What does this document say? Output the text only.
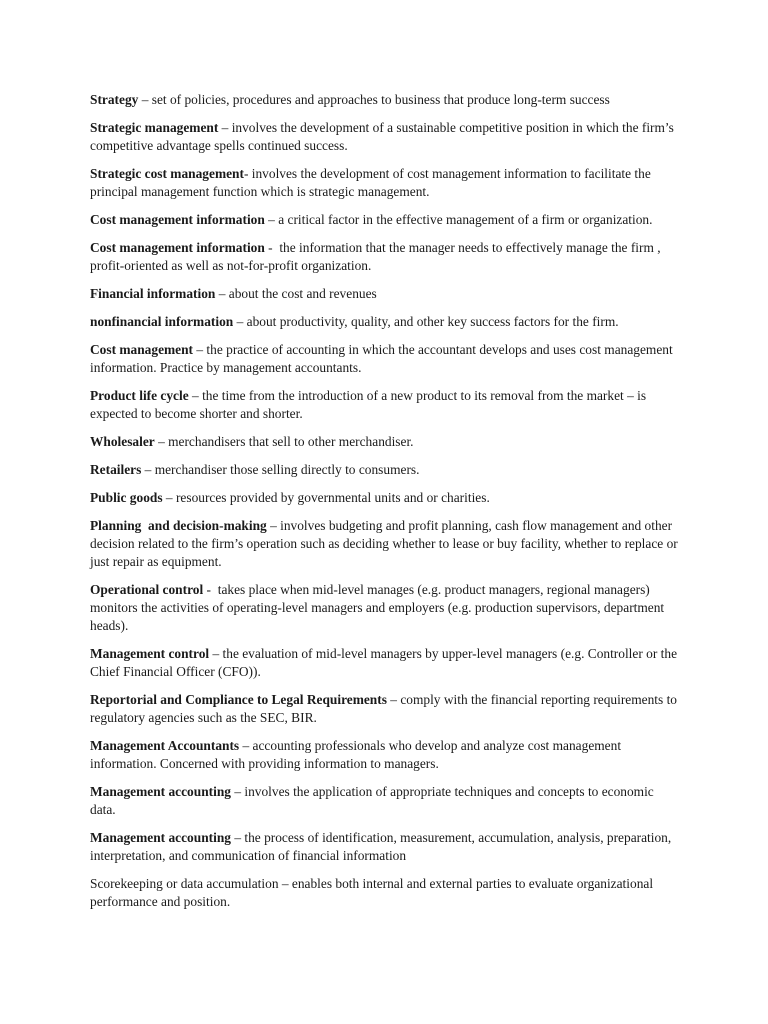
Strategy – set of policies, procedures and approaches to business that produce long-term success

Strategic management – involves the development of a sustainable competitive position in which the firm’s competitive advantage spells continued success.

Strategic cost management- involves the development of cost management information to facilitate the principal management function which is strategic management.

Cost management information – a critical factor in the effective management of a firm or organization.

Cost management information -  the information that the manager needs to effectively manage the firm , profit-oriented as well as not-for-profit organization.

Financial information – about the cost and revenues

nonfinancial information – about productivity, quality, and other key success factors for the firm.

Cost management – the practice of accounting in which the accountant develops and uses cost management information. Practice by management accountants.

Product life cycle – the time from the introduction of a new product to its removal from the market – is expected to become shorter and shorter.

Wholesaler – merchandisers that sell to other merchandiser.

Retailers – merchandiser those selling directly to consumers.

Public goods – resources provided by governmental units and or charities.

Planning  and decision-making – involves budgeting and profit planning, cash flow management and other decision related to the firm’s operation such as deciding whether to lease or buy facility, whether to replace or just repair as equipment.

Operational control -  takes place when mid-level manages (e.g. product managers, regional managers) monitors the activities of operating-level managers and employers (e.g. production supervisors, department heads).

Management control – the evaluation of mid-level managers by upper-level managers (e.g. Controller or the Chief Financial Officer (CFO)).

Reportorial and Compliance to Legal Requirements – comply with the financial reporting requirements to regulatory agencies such as the SEC, BIR.

Management Accountants – accounting professionals who develop and analyze cost management information. Concerned with providing information to managers.

Management accounting – involves the application of appropriate techniques and concepts to economic data.

Management accounting – the process of identification, measurement, accumulation, analysis, preparation, interpretation, and communication of financial information

Scorekeeping or data accumulation – enables both internal and external parties to evaluate organizational performance and position.
